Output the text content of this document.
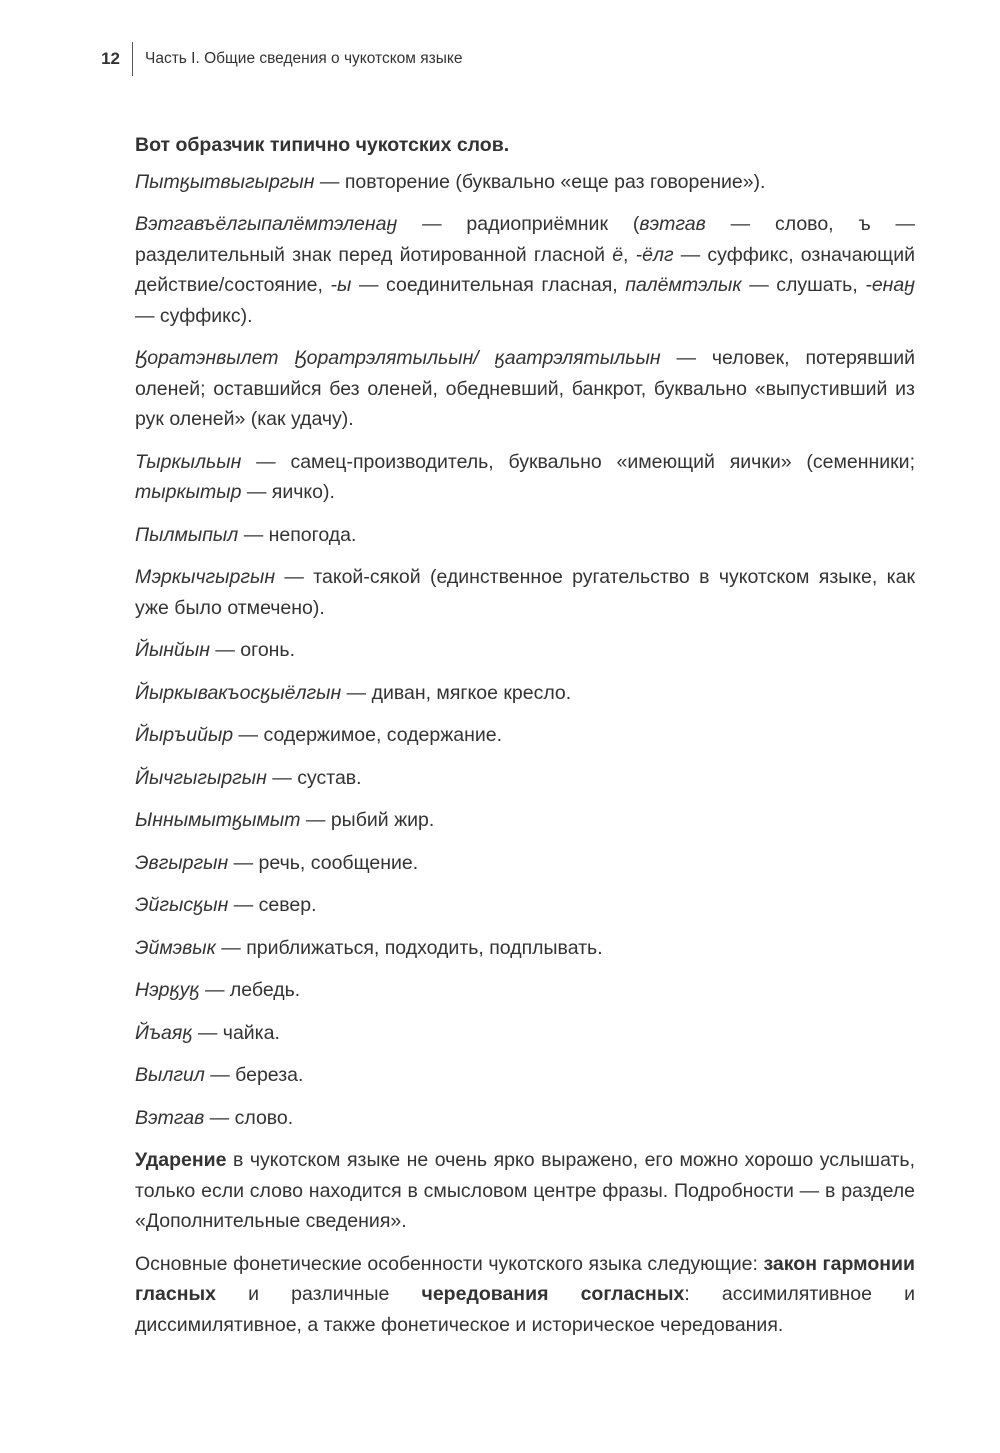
12	Часть I. Общие сведения о чукотском языке

Вот образчик типично чукотских слов.

Пытӄытвыгыргын — повторение (буквально «еще раз говорение»).

Вэтгавъёлгыпалёмтэленаӈ — радиоприёмник (вэтгав — слово, ъ — разделительный знак перед йотированной гласной ё, -ёлг — суффикс, означающий действие/состояние, -ы — соединительная гласная, палёмтэлык — слушать, -енаӈ — суффикс).

Ӄоратэнвылет Ӄоратрэлятыльын/ ӄаатрэлятыльын — человек, потерявший оленей; оставшийся без оленей, обедневший, банкрот, буквально «выпустивший из рук оленей» (как удачу).

Тыркыльын — самец-производитель, буквально «имеющий яички» (семенники; тыркытыр — яичко).

Пылмыпыл — непогода.

Мэркычгыргын — такой-сякой (единственное ругательство в чукотском языке, как уже было отмечено).

Йынйын — огонь.

Йыркывакъосӄыёлгын — диван, мягкое кресло.

Йыръийыр — содержимое, содержание.

Йычгыгыргын — сустав.

Ыннымытӄымыт — рыбий жир.

Эвгыргын — речь, сообщение.

Эйгысӄын — север.

Эймэвык — приближаться, подходить, подплывать.

Нэрӄуӄ — лебедь.

Йъаяӄ — чайка.

Вылгил — береза.

Вэтгав — слово.

Ударение в чукотском языке не очень ярко выражено, его можно хорошо услышать, только если слово находится в смысловом центре фразы. Подробности — в разделе «Дополнительные сведения».

Основные фонетические особенности чукотского языка следующие: закон гармонии гласных и различные чередования согласных: ассимилятивное и диссимилятивное, а также фонетическое и историческое чередования.
